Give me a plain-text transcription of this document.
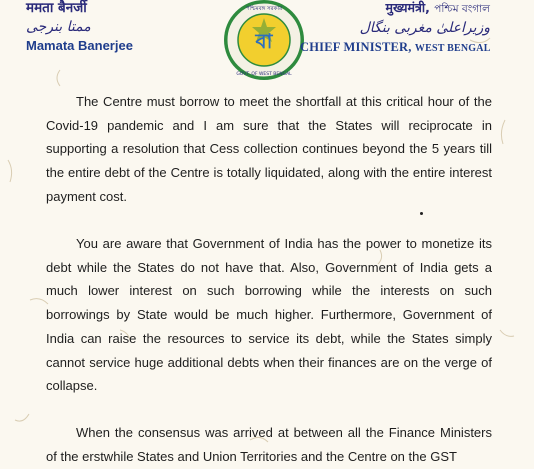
ममता बैनर्जी
ممتا بنرجی
Mamata Banerjee	বা
পশ্চিমবঙ্গ সরকার
GOVT. OF WEST BENGAL
मुख्यमंत्री, পশ্চিম বংগাল
وزیراعلیٰ مغربی بنگال
CHIEF MINISTER, WEST BENGAL

The Centre must borrow to meet the shortfall at this critical hour of the Covid-19 pandemic and I am sure that the States will reciprocate in supporting a resolution that Cess collection continues beyond the 5 years till the entire debt of the Centre is totally liquidated, along with the entire interest payment cost.

You are aware that Government of India has the power to monetize its debt while the States do not have that. Also, Government of India gets a much lower interest on such borrowing while the interests on such borrowings by State would be much higher. Furthermore, Government of India can raise the resources to service its debt, while the States simply cannot service huge additional debts when their finances are on the verge of collapse.

When the consensus was arrived at between all the Finance Ministers of the erstwhile States and Union Territories and the Centre on the GST
